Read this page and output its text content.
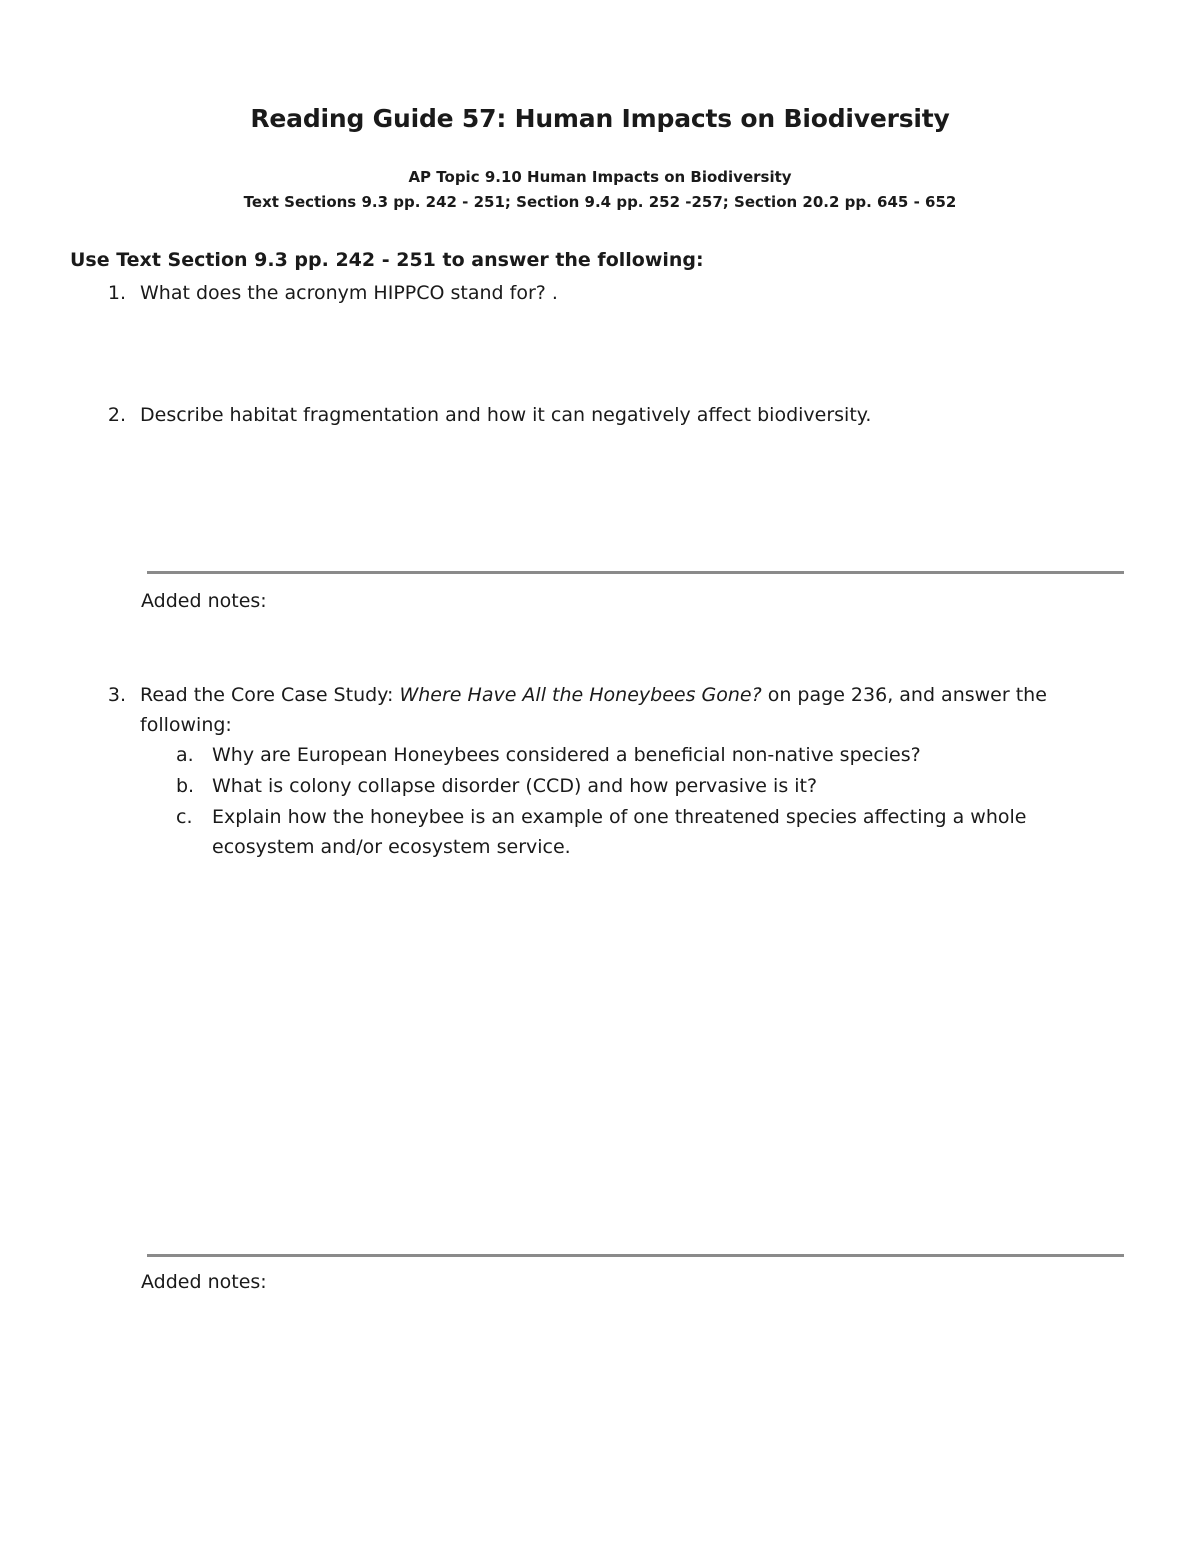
Reading Guide 57: Human Impacts on Biodiversity
AP Topic 9.10 Human Impacts on Biodiversity
Text Sections 9.3 pp. 242 - 251; Section 9.4 pp. 252 -257; Section 20.2 pp. 645 - 652
Use Text Section 9.3 pp. 242 - 251 to answer the following:
1. What does the acronym HIPPCO stand for? .
2. Describe habitat fragmentation and how it can negatively affect biodiversity.
Added notes:
3. Read the Core Case Study: Where Have All the Honeybees Gone? on page 236, and answer the following:
a. Why are European Honeybees considered a beneficial non-native species?
b. What is colony collapse disorder (CCD) and how pervasive is it?
c. Explain how the honeybee is an example of one threatened species affecting a whole ecosystem and/or ecosystem service.
Added notes:
